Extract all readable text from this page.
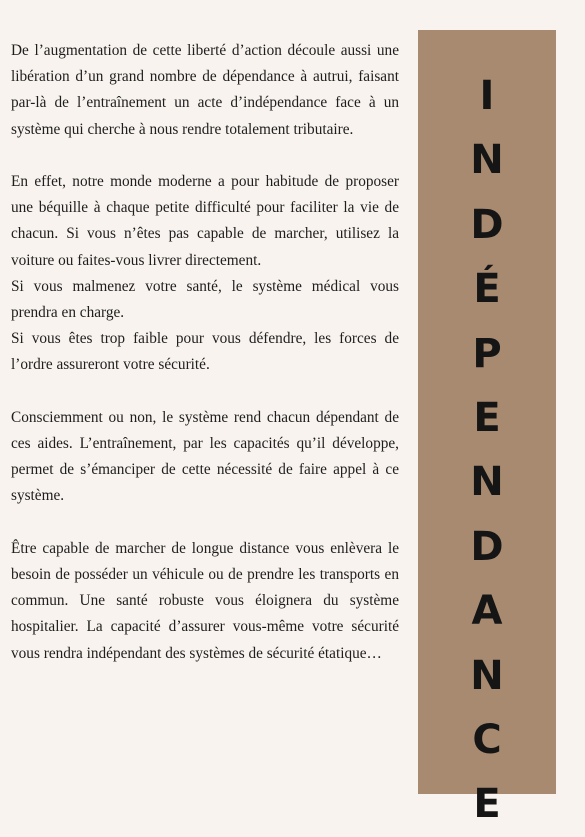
De l’augmentation de cette liberté d’action découle aussi une libération d’un grand nombre de dépendance à autrui, faisant par-là de l’entraînement un acte d’indépendance face à un système qui cherche à nous rendre totalement tributaire.

En effet, notre monde moderne a pour habitude de proposer une béquille à chaque petite difficulté pour faciliter la vie de chacun. Si vous n’êtes pas capable de marcher, utilisez la voiture ou faites-vous livrer directement.
Si vous malmenez votre santé, le système médical vous prendra en charge.
Si vous êtes trop faible pour vous défendre, les forces de l’ordre assureront votre sécurité.

Consciemment ou non, le système rend chacun dépendant de ces aides. L’entraînement, par les capacités qu’il développe, permet de s’émanciper de cette nécessité de faire appel à ce système.

Être capable de marcher de longue distance vous enlèvera le besoin de posséder un véhicule ou de prendre les transports en commun. Une santé robuste vous éloignera du système hospitalier. La capacité d’assurer vous-même votre sécurité vous rendra indépendant des systèmes de sécurité étatique…

I
N
D
É
P
E
N
D
A
N
C
E
